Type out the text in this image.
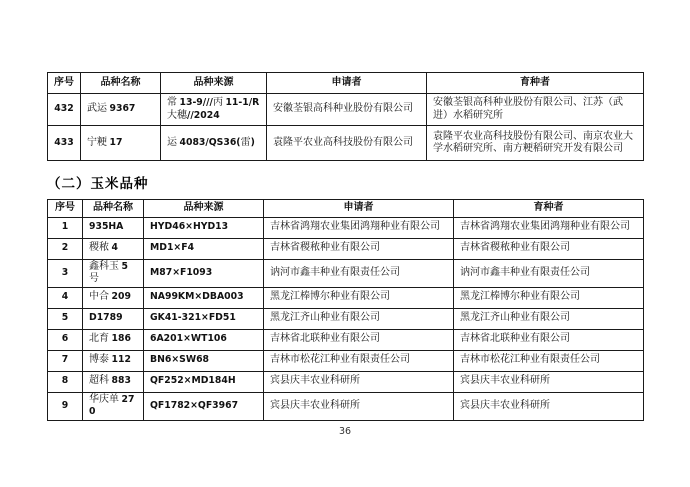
序号	品种名称	品种来源	申请者	育种者
432	武运 9367	常 13-9///丙 11-1/R 大穗//2024	安徽荃银高科种业股份有限公司	安徽荃银高科种业股份有限公司、江苏（武进）水稻研究所
433	宁粳 17	运 4083/QS36(雷)	袁隆平农业高科技股份有限公司	袁隆平农业高科技股份有限公司、南京农业大学水稻研究所、南方粳稻研究开发有限公司
（二）玉米品种
序号	品种名称	品种来源	申请者	育种者
1	935HA	HYD46×HYD13	吉林省鸿翔农业集团鸿翔种业有限公司	吉林省鸿翔农业集团鸿翔种业有限公司
2	稷秾 4	MD1×F4	吉林省稷秾种业有限公司	吉林省稷秾种业有限公司
3	鑫科玉 5 号	M87×F1093	讷河市鑫丰种业有限责任公司	讷河市鑫丰种业有限责任公司
4	中合 209	NA99KM×DBA003	黑龙江棒博尔种业有限公司	黑龙江棒博尔种业有限公司
5	D1789	GK41-321×FD51	黑龙江齐山种业有限公司	黑龙江齐山种业有限公司
6	北育 186	6A201×WT106	吉林省北联种业有限公司	吉林省北联种业有限公司
7	博泰 112	BN6×SW68	吉林市松花江种业有限责任公司	吉林市松花江种业有限责任公司
8	超科 883	QF252×MD184H	宾县庆丰农业科研所	宾县庆丰农业科研所
9	华庆单 270	QF1782×QF3967	宾县庆丰农业科研所	宾县庆丰农业科研所
36
